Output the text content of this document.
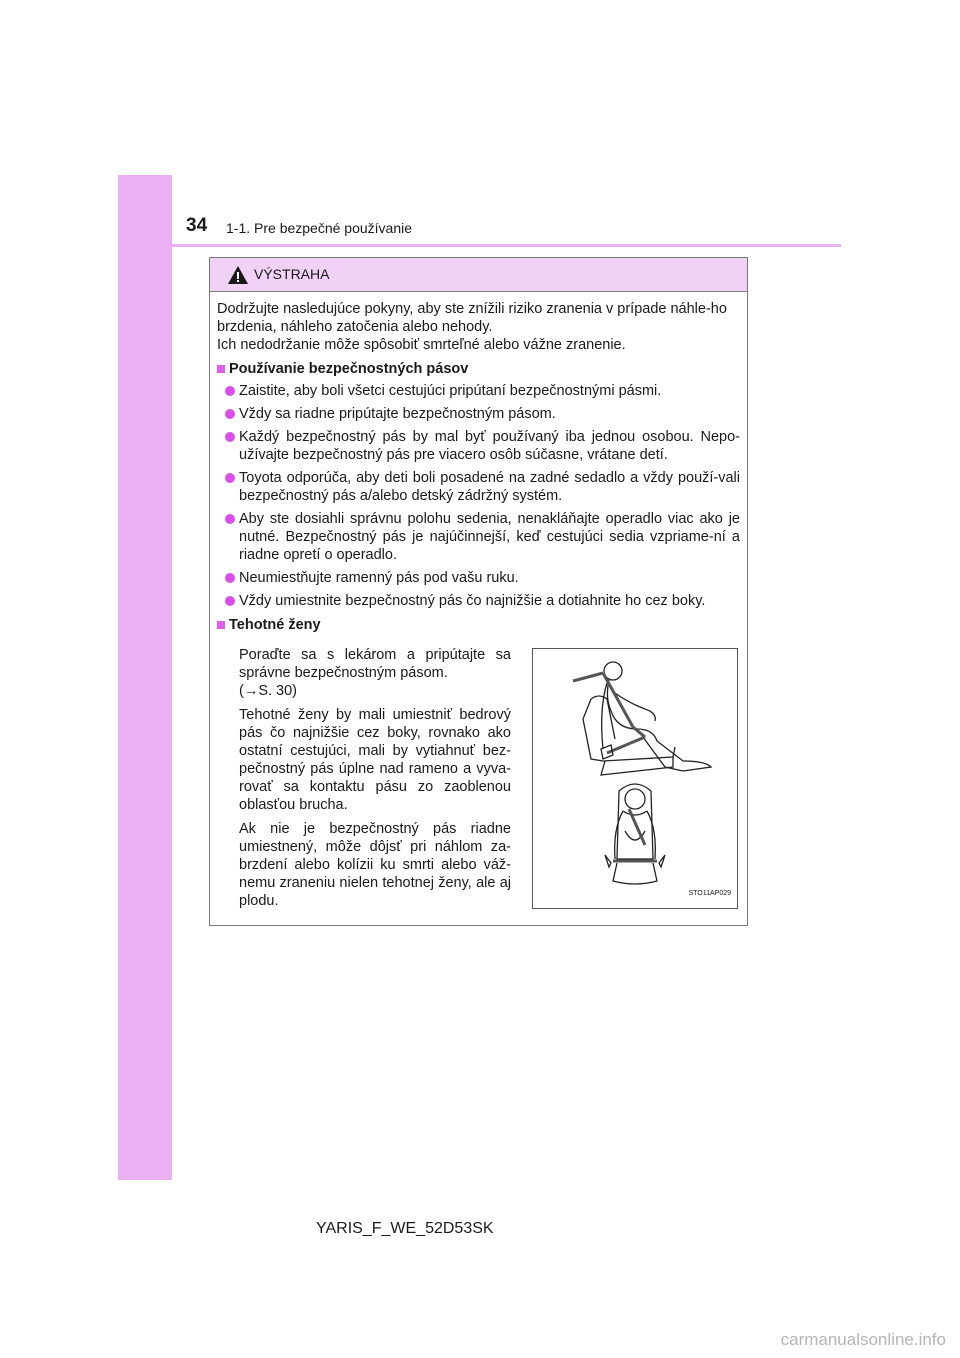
34 1-1. Pre bezpečné používanie
VÝSTRAHA

Dodržujte nasledujúce pokyny, aby ste znížili riziko zranenia v prípade náhle-ho brzdenia, náhleho zatočenia alebo nehody.

Ich nedodržanie môže spôsobiť smrteľné alebo vážne zranenie.

Používanie bezpečnostných pásov
Zaistite, aby boli všetci cestujúci pripútaní bezpečnostnými pásmi.
Vždy sa riadne pripútajte bezpečnostným pásom.
Každý bezpečnostný pás by mal byť používaný iba jednou osobou. Nepo-užívajte bezpečnostný pás pre viacero osôb súčasne, vrátane detí.
Toyota odporúča, aby deti boli posadené na zadné sedadlo a vždy použí-vali bezpečnostný pás a/alebo detský zádržný systém.
Aby ste dosiahli správnu polohu sedenia, nenakláňajte operadlo viac ako je nutné. Bezpečnostný pás je najúčinnejší, keď cestujúci sedia vzpriame-ní a riadne opretí o operadlo.
Neumiestňujte ramenný pás pod vašu ruku.
Vždy umiestnite bezpečnostný pás čo najnižšie a dotiahnite ho cez boky.
Tehotné ženy

Poraďte sa s lekárom a pripútajte sa správne bezpečnostným pásom.
(→S. 30)

Tehotné ženy by mali umiestniť bedrový pás čo najnižšie cez boky, rovnako ako ostatní cestujúci, mali by vytiahnuť bez-pečnostný pás úplne nad rameno a vyva-rovať sa kontaktu pásu zo zaoblenou oblasťou brucha.

Ak nie je bezpečnostný pás riadne umiestnený, môže dôjsť pri náhlom za-brzdení alebo kolízii ku smrti alebo váž-nemu zraneniu nielen tehotnej ženy, ale aj plodu.	STO11AP029
YARIS_F_WE_52D53SK
carmanualsonline.info
